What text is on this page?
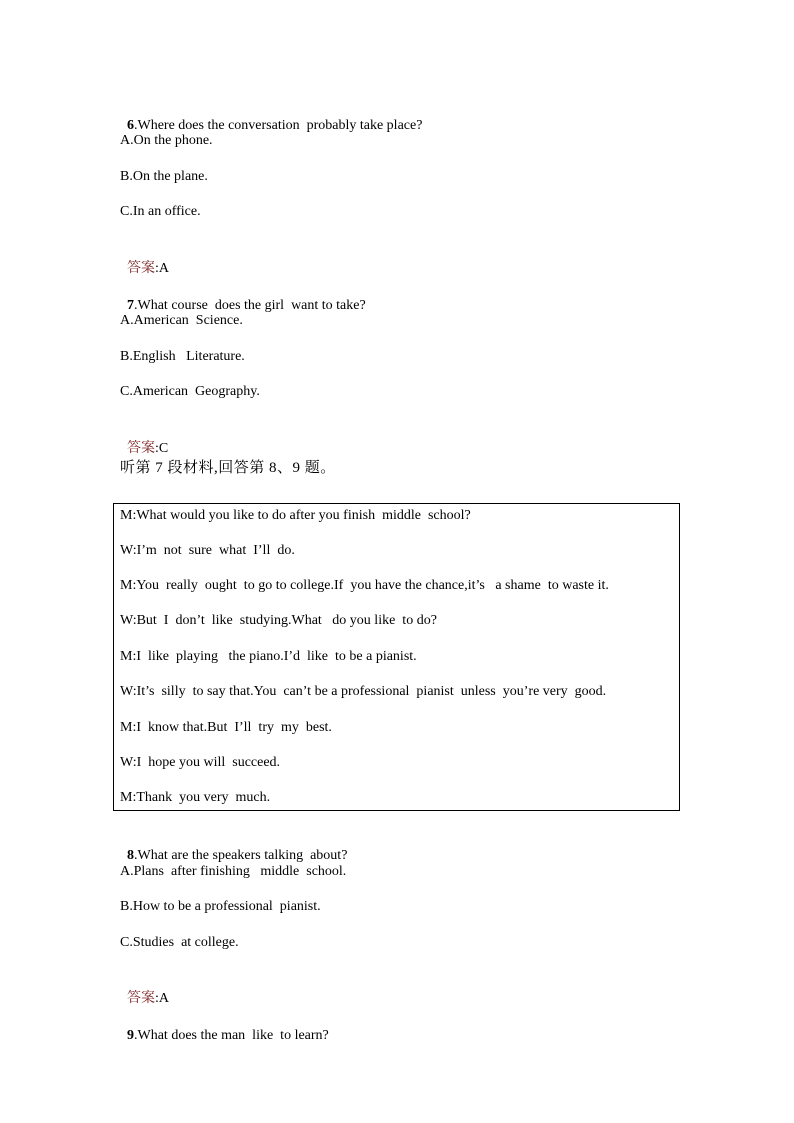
6.Where does the conversation  probably take place?

A.On the phone.
B.On the plane.
C.In an office.

答案:A

7.What course  does the girl  want to take?

A.American  Science.
B.English   Literature.
C.American  Geography.

答案:C

听第 7 段材料,回答第 8、9 题。
M:What would you like to do after you finish  middle  school?
W:I’m  not  sure  what  I’ll  do.
M:You  really  ought  to go to college.If  you have the chance,it’s   a shame  to waste it.
W:But  I  don’t  like  studying.What   do you like  to do?
M:I  like  playing   the piano.I’d  like  to be a pianist.
W:It’s  silly  to say that.You  can’t be a professional  pianist  unless  you’re very  good.
M:I  know that.But  I’ll  try  my  best.
W:I  hope you will  succeed.
M:Thank  you very  much.

8.What are the speakers talking  about?

A.Plans  after finishing   middle  school.
B.How to be a professional  pianist.
C.Studies  at college.

答案:A

9.What does the man  like  to learn?
